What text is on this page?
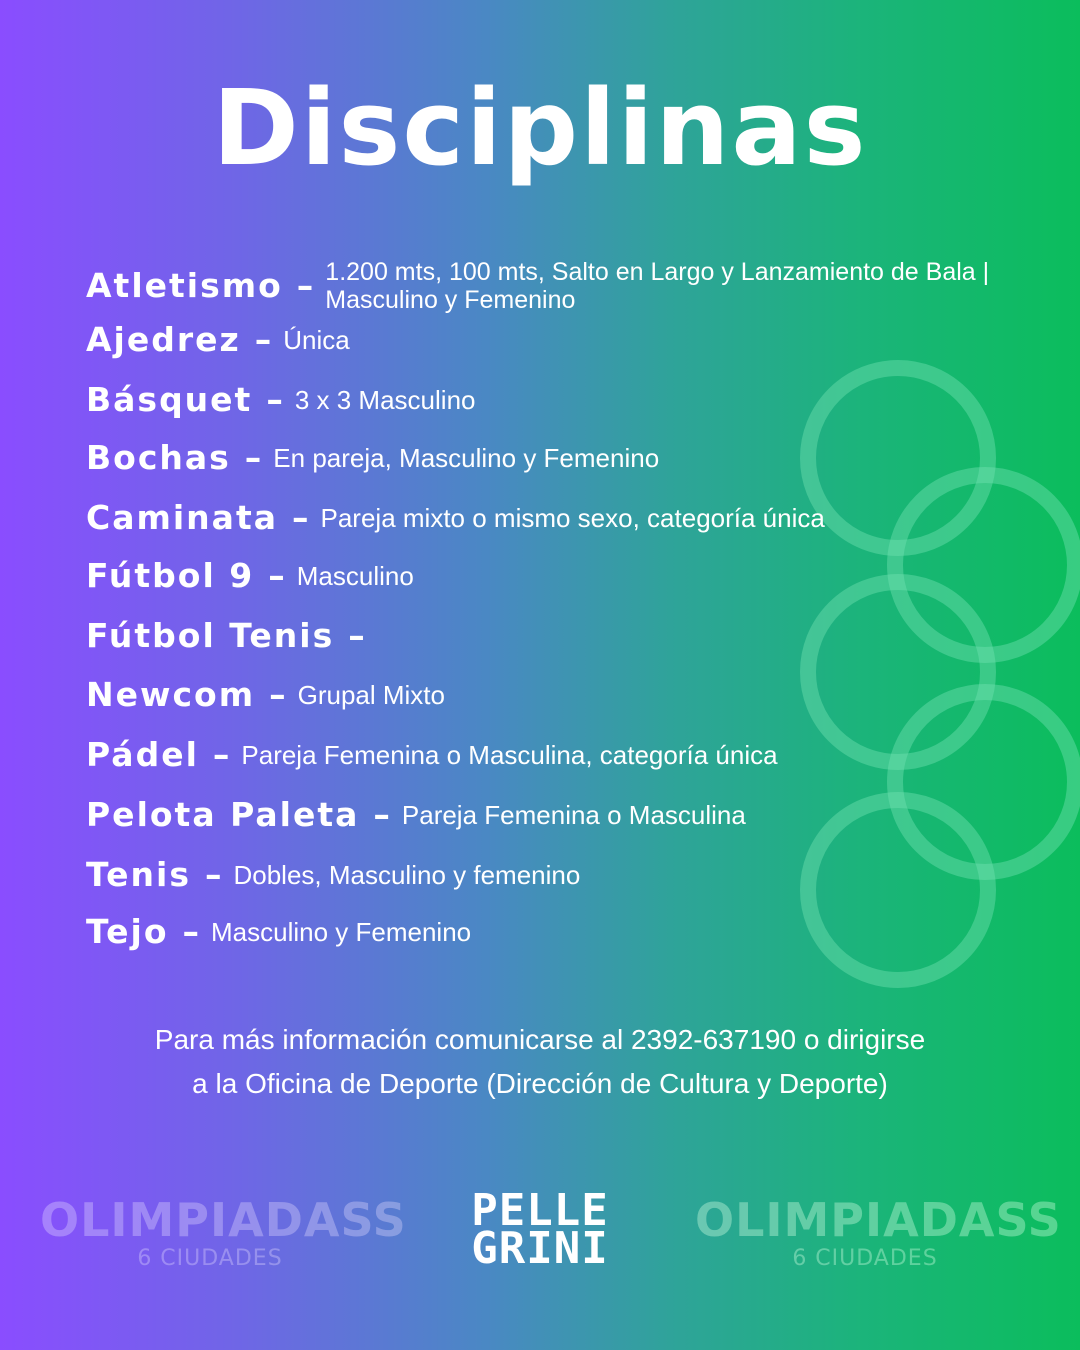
Disciplinas
Atletismo – 1.200 mts, 100 mts, Salto en Largo y Lanzamiento de Bala |
Masculino y Femenino
Ajedrez – Única
Básquet – 3 x 3 Masculino
Bochas – En pareja, Masculino y Femenino
Caminata – Pareja mixto o mismo sexo, categoría única
Fútbol 9 – Masculino
Fútbol Tenis –
Newcom – Grupal Mixto
Pádel – Pareja Femenina o Masculina, categoría única
Pelota Paleta – Pareja Femenina o Masculina
Tenis – Dobles, Masculino y femenino
Tejo – Masculino y Femenino
Para más información comunicarse al 2392-637190 o dirigirse
a la Oficina de Deporte (Dirección de Cultura y Deporte)
OLIMPIADASS
6 CIUDADES
PELLE
GRINI
OLIMPIADASS
6 CIUDADES
